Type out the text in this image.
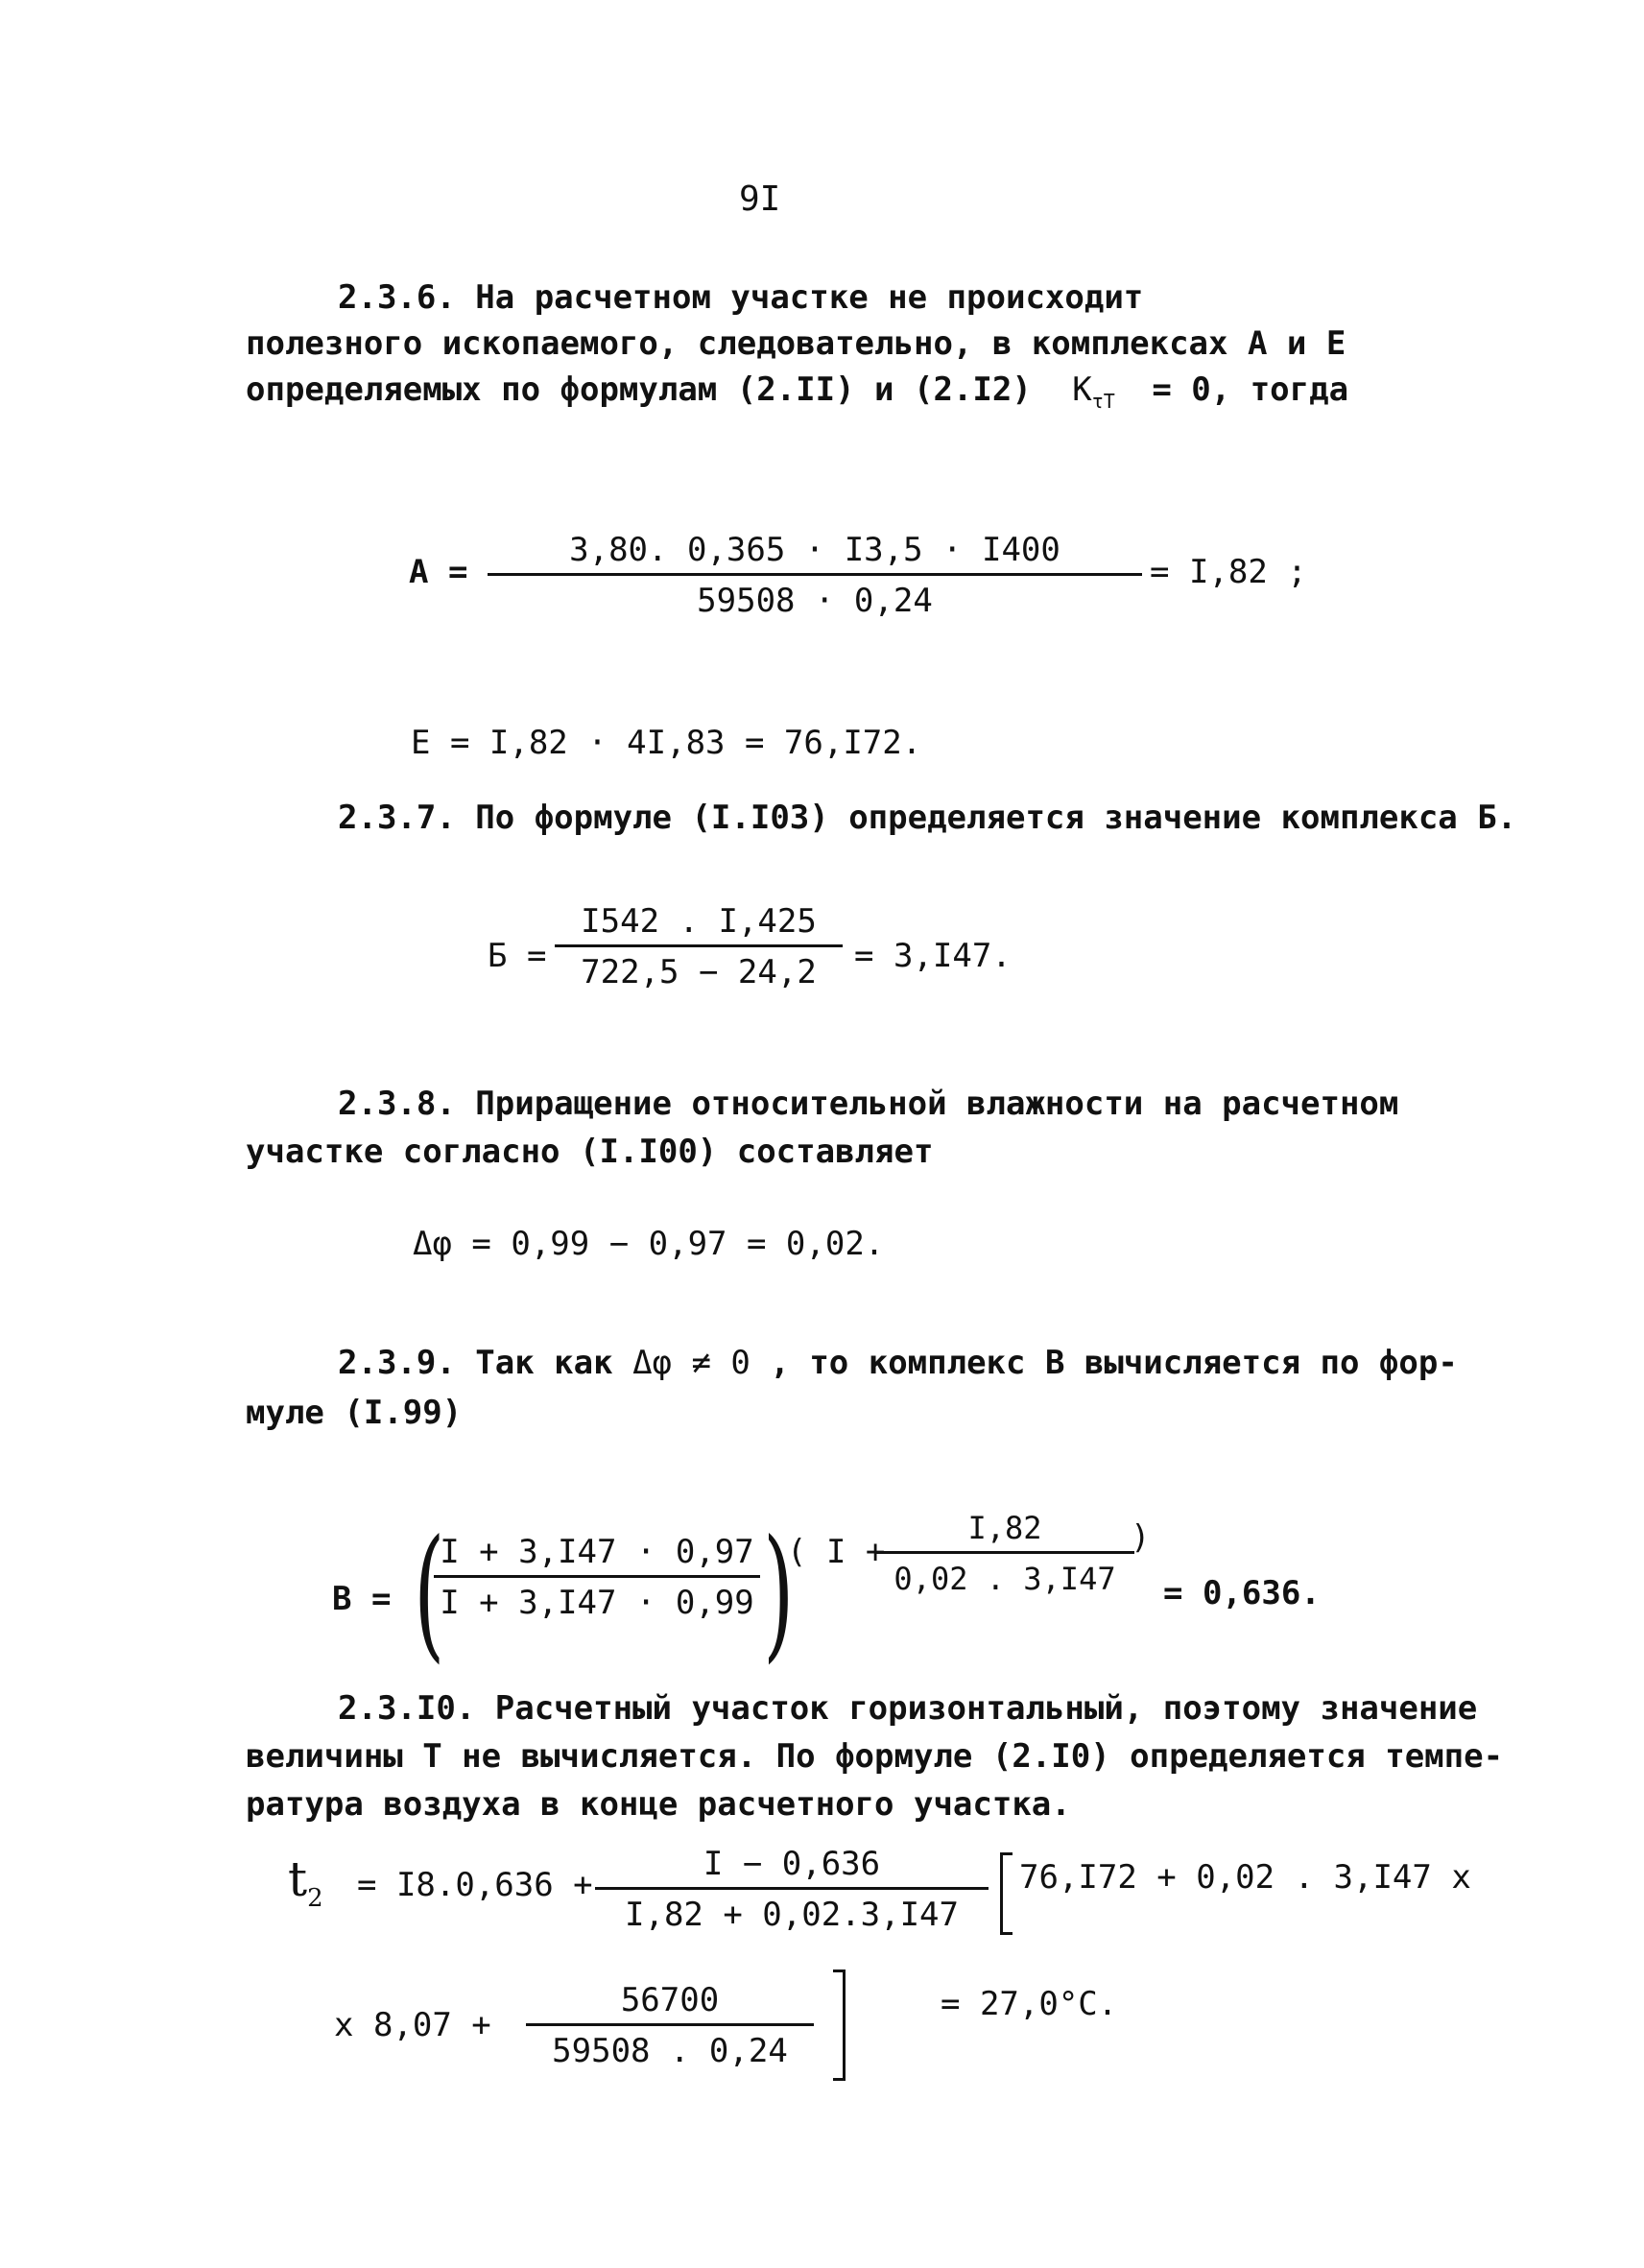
9I
2.3.6. На расчетном участке не происходит
полезного ископаемого, следовательно, в комплексах А и Е
определяемых по формулам (2.II) и (2.I2) $K_{\tau T} = 0$, тогда
$А = \frac{3,80. 0,365 \cdot I3,5 \cdot I400}{59508 \cdot 0,24} = I,82$ ;
Е = I,82 · 4I,83 = 76,I72.
2.3.7. По формуле (I.I03) определяется значение комплекса Б.
$Б = \frac{I542 . I,425}{722,5 - 24,2} = 3,I47$.
2.3.8. Приращение относительной влажности на расчетном
участке согласно (I.I00) составляет
Δφ = 0,99 − 0,97 = 0,02.
2.3.9. Так как Δφ ≠ 0 , то комплекс В вычисляется по фор-
муле (I.99)
В = (
$\frac{I + 3,I47 \cdot 0,97}{I + 3,I47 \cdot 0,99}$ )
( I +
$\frac{I,82}{0,02 . 3,I47}$
)
= 0,636.
2.3.I0. Расчетный участок горизонтальный, поэтому значение
величины Т не вычисляется. По формуле (2.I0) определяется темпе-
ратура воздуха в конце расчетного участка.
$t_2 = I8.0,636 + \frac{I - 0,636}{I,82 + 0,02.3,I47} 76,I72 + 0,02$ . 3,I47 x
x $8,07 + \frac{56700}{59508 . 0,24}$	= 27,0°C.
